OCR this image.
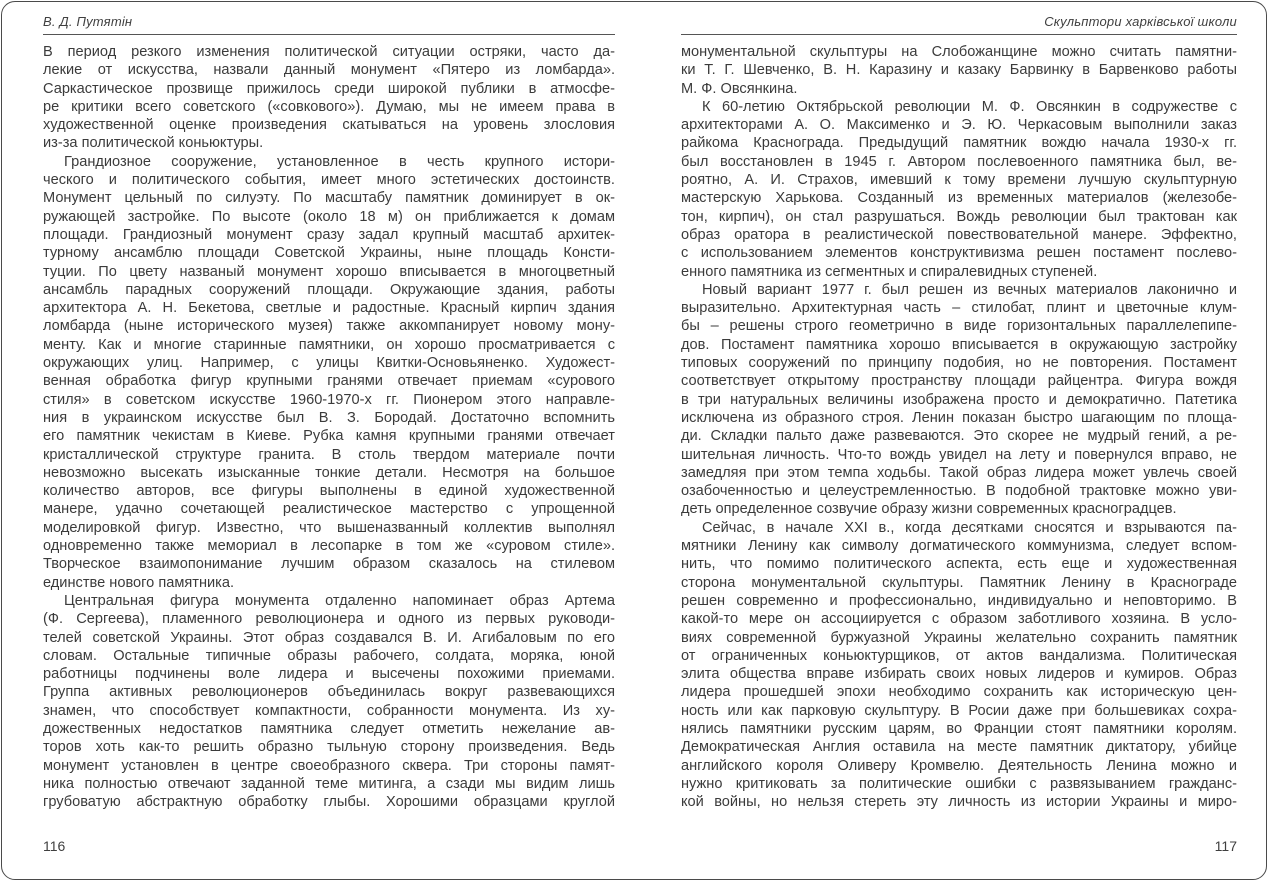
В. Д. Путятін
В период резкого изменения политической ситуации остряки, часто да-
лекие от искусства, назвали данный монумент «Пятеро из ломбарда».
Саркастическое прозвище прижилось среди широкой публики в атмосфе-
ре критики всего советского («совкового»). Думаю, мы не имеем права в
художественной оценке произведения скатываться на уровень злословия
из-за политической коньюктуры.
Грандиозное сооружение, установленное в честь крупного истори-
ческого и политического события, имеет много эстетических достоинств.
Монумент цельный по силуэту. По масштабу памятник доминирует в ок-
ружающей застройке. По высоте (около 18 м) он приближается к домам
площади. Грандиозный монумент сразу задал крупный масштаб архитек-
турному ансамблю площади Советской Украины, ныне площадь Консти-
туции. По цвету названый монумент хорошо вписывается в многоцветный
ансамбль парадных сооружений площади. Окружающие здания, работы
архитектора А. Н. Бекетова, светлые и радостные. Красный кирпич здания
ломбарда (ныне исторического музея) также аккомпанирует новому мону-
менту. Как и многие старинные памятники, он хорошо просматривается с
окружающих улиц. Например, с улицы Квитки-Основьяненко. Художест-
венная обработка фигур крупными гранями отвечает приемам «сурового
стиля» в советском искусстве 1960-1970-х гг. Пионером этого направле-
ния в украинском искусстве был В. З. Бородай. Достаточно вспомнить
его памятник чекистам в Киеве. Рубка камня крупными гранями отвечает
кристаллической структуре гранита. В столь твердом материале почти
невозможно высекать изысканные тонкие детали. Несмотря на большое
количество авторов, все фигуры выполнены в единой художественной
манере, удачно сочетающей реалистическое мастерство с упрощенной
моделировкой фигур. Известно, что вышеназванный коллектив выполнял
одновременно также мемориал в лесопарке в том же «суровом стиле».
Творческое взаимопонимание лучшим образом сказалось на стилевом
единстве нового памятника.
Центральная фигура монумента отдаленно напоминает образ Артема
(Ф. Сергеева), пламенного революционера и одного из первых руководи-
телей советской Украины. Этот образ создавался В. И. Агибаловым по его
словам. Остальные типичные образы рабочего, солдата, моряка, юной
работницы подчинены воле лидера и высечены похожими приемами.
Группа активных революционеров объединилась вокруг развевающихся
знамен, что способствует компактности, собранности монумента. Из ху-
дожественных недостатков памятника следует отметить нежелание ав-
торов хоть как-то решить образно тыльную сторону произведения. Ведь
монумент установлен в центре своеобразного сквера. Три стороны памят-
ника полностью отвечают заданной теме митинга, а сзади мы видим лишь
грубоватую абстрактную обработку глыбы. Хорошими образцами круглой
116
Скульптори харківської школи
монументальной скульптуры на Слобожанщине можно считать памятни-
ки Т. Г. Шевченко, В. Н. Каразину и казаку Барвинку в Барвенково работы
М. Ф. Овсянкина.
К 60-летию Октябрьской революции М. Ф. Овсянкин в содружестве с
архитекторами А. О. Максименко и Э. Ю. Черкасовым выполнили заказ
райкома Краснограда. Предыдущий памятник вождю начала 1930-х гг.
был восстановлен в 1945 г. Автором послевоенного памятника был, ве-
роятно, А. И. Страхов, имевший к тому времени лучшую скульптурную
мастерскую Харькова. Созданный из временных материалов (железобе-
тон, кирпич), он стал разрушаться. Вождь революции был трактован как
образ оратора в реалистической повествовательной манере. Эффектно,
с использованием элементов конструктивизма решен постамент послево-
енного памятника из сегментных и спиралевидных ступеней.
Новый вариант 1977 г. был решен из вечных материалов лаконично и
выразительно. Архитектурная часть – стилобат, плинт и цветочные клум-
бы – решены строго геометрично в виде горизонтальных параллелепипе-
дов. Постамент памятника хорошо вписывается в окружающую застройку
типовых сооружений по принципу подобия, но не повторения. Постамент
соответствует открытому пространству площади райцентра. Фигура вождя
в три натуральных величины изображена просто и демократично. Патетика
исключена из образного строя. Ленин показан быстро шагающим по площа-
ди. Складки пальто даже развеваются. Это скорее не мудрый гений, а ре-
шительная личность. Что-то вождь увидел на лету и повернулся вправо, не
замедляя при этом темпа ходьбы. Такой образ лидера может увлечь своей
озабоченностью и целеустремленностью. В подобной трактовке можно уви-
деть определенное созвучие образу жизни современных красноградцев.
Сейчас, в начале XXI в., когда десятками сносятся и взрываются па-
мятники Ленину как символу догматического коммунизма, следует вспом-
нить, что помимо политического аспекта, есть еще и художественная
сторона монументальной скульптуры. Памятник Ленину в Краснограде
решен современно и профессионально, индивидуально и неповторимо. В
какой-то мере он ассоциируется с образом заботливого хозяина. В усло-
виях современной буржуазной Украины желательно сохранить памятник
от ограниченных коньюктурщиков, от актов вандализма. Политическая
элита общества вправе избирать своих новых лидеров и кумиров. Образ
лидера прошедшей эпохи необходимо сохранить как историческую цен-
ность или как парковую скульптуру. В Росии даже при большевиках сохра-
нялись памятники русским царям, во Франции стоят памятники королям.
Демократическая Англия оставила на месте памятник диктатору, убийце
английского короля Оливеру Кромвелю. Деятельность Ленина можно и
нужно критиковать за политические ошибки с развязыванием гражданс-
кой войны, но нельзя стереть эту личность из истории Украины и миро-
117
